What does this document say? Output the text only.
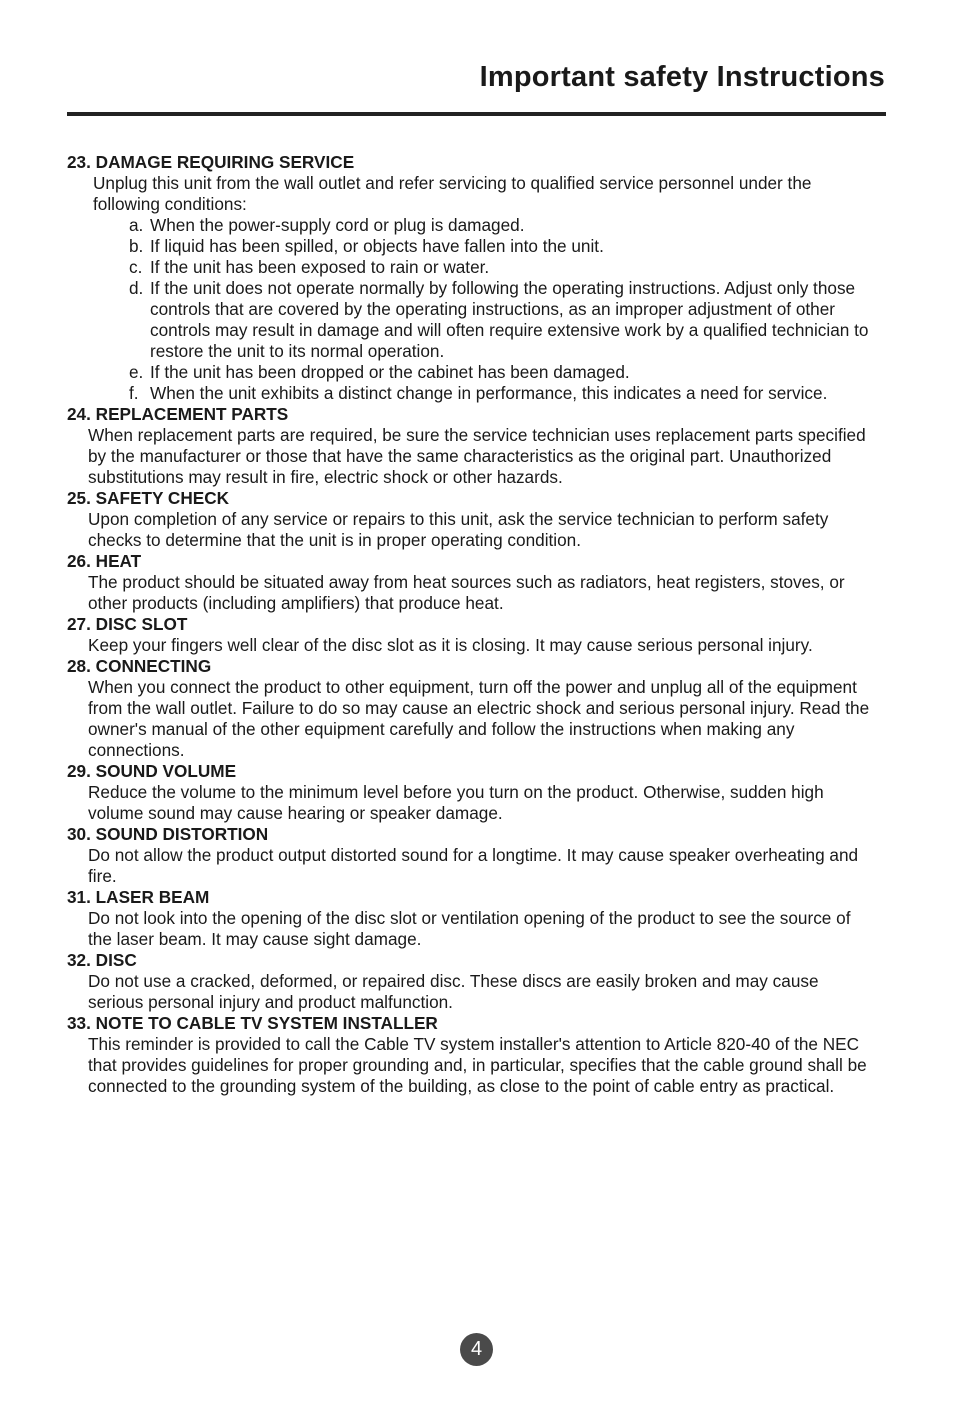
Important safety Instructions

23. DAMAGE REQUIRING SERVICE

Unplug this unit from the wall outlet and refer servicing to qualified service personnel under the following conditions:

a. When the power-supply cord or plug is damaged.
b. If liquid has been spilled, or objects have fallen into the unit.
c. If the unit has been exposed to rain or water.
d. If the unit does not operate normally by following the operating instructions. Adjust only those controls that are covered by the operating instructions, as an improper adjustment of other controls may result in damage and will often require extensive work by a qualified technician to restore the unit to its normal operation.
e. If the unit has been dropped or the cabinet has been damaged.
f. When the unit exhibits a distinct change in performance, this indicates a need for service.

24. REPLACEMENT PARTS

When replacement parts are required, be sure the service technician uses replacement parts specified by the manufacturer or those that have the same characteristics as the original part. Unauthorized substitutions may result in fire, electric shock or other hazards.

25. SAFETY CHECK

Upon completion of any service or repairs to this unit, ask the service technician to perform safety checks to determine that the unit is in proper operating condition.

26. HEAT

The product should be situated away from heat sources such as radiators, heat registers, stoves, or other products (including amplifiers) that produce heat.

27. DISC SLOT

Keep your fingers well clear of the disc slot as it is closing. It may cause serious personal injury.

28. CONNECTING

When you connect the product to other equipment, turn off the power and unplug all of the equipment from the wall outlet. Failure to do so may cause an electric shock and serious personal injury. Read the owner's manual of the other equipment carefully and follow the instructions when making any connections.

29. SOUND VOLUME

Reduce the volume to the minimum level before you turn on the product. Otherwise, sudden high volume sound may cause hearing or speaker damage.

30. SOUND DISTORTION

Do not allow the product output distorted sound for a longtime. It may cause speaker overheating and fire.

31. LASER BEAM

Do not look into the opening of the disc slot or ventilation opening of the product to see the source of the laser beam. It may cause sight damage.

32. DISC

Do not use a cracked, deformed, or repaired disc. These discs are easily broken and may cause serious personal injury and product malfunction.

33. NOTE TO CABLE TV SYSTEM INSTALLER

This reminder is provided to call the Cable TV system installer's attention to Article 820-40 of the NEC that provides guidelines for proper grounding and, in particular, specifies that the cable ground shall be connected to the grounding system of the building, as close to the point of cable entry as practical.

4
